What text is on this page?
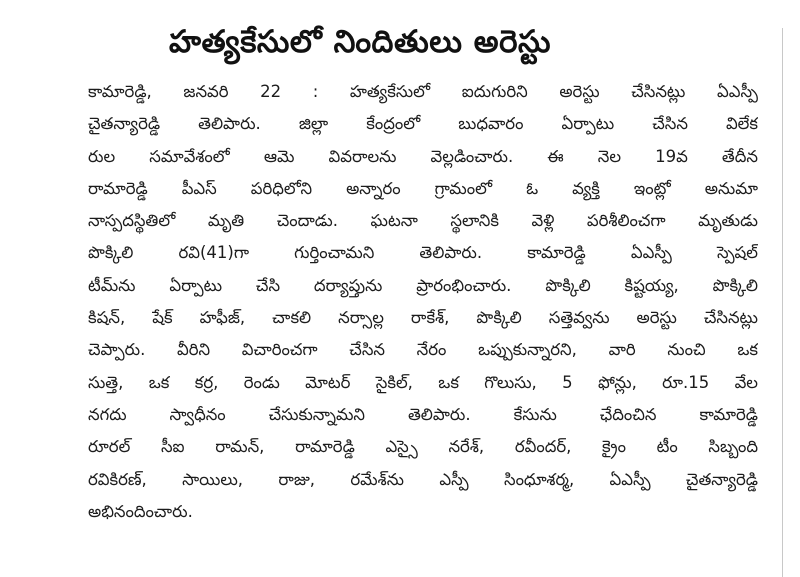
హత్యకేసులో నిందితులు అరెస్టు
కామారెడ్డి, జనవరి 22 : హత్యకేసులో ఐదుగురిని అరెస్టు చేసినట్లు ఏఎస్పీ
చైతన్యారెడ్డి తెలిపారు. జిల్లా కేంద్రంలో బుధవారం ఏర్పాటు చేసిన విలేక
రుల సమావేశంలో ఆమె వివరాలను వెల్లడించారు. ఈ నెల 19వ తేదీన
రామారెడ్డి పీఎస్ పరిధిలోని అన్నారం గ్రామంలో ఓ వ్యక్తి ఇంట్లో అనుమా
నాస్పదస్థితిలో మృతి చెందాడు. ఘటనా స్థలానికి వెళ్లి పరిశీలించగా మృతుడు
పొక్కిలి రవి(41)గా గుర్తించామని తెలిపారు. కామారెడ్డి ఏఎస్పీ స్పెషల్
టీమ్‌ను ఏర్పాటు చేసి దర్యాప్తును ప్రారంభించారు. పొక్కిలి కిష్టయ్య, పొక్కిలి
కిషన్, షేక్ హఫీజ్, చాకలి నర్సాల్ల రాకేశ్, పొక్కిలి సత్తెవ్వను అరెస్టు చేసినట్లు
చెప్పారు. వీరిని విచారించగా చేసిన నేరం ఒప్పుకున్నారని, వారి నుంచి ఒక
సుత్తె, ఒక కర్ర, రెండు మోటర్ సైకిల్, ఒక గొలుసు, 5 ఫోన్లు, రూ.15 వేల
నగదు స్వాధీనం చేసుకున్నామని తెలిపారు. కేసును ఛేదించిన కామారెడ్డి
రూరల్ సీఐ రామన్, రామారెడ్డి ఎస్సై నరేశ్, రవీందర్, క్రైం టీం సిబ్బంది
రవికిరణ్, సాయిలు, రాజు, రమేశ్‌ను ఎస్పీ సింధూశర్మ, ఏఎస్పీ చైతన్యారెడ్డి
అభినందించారు.
